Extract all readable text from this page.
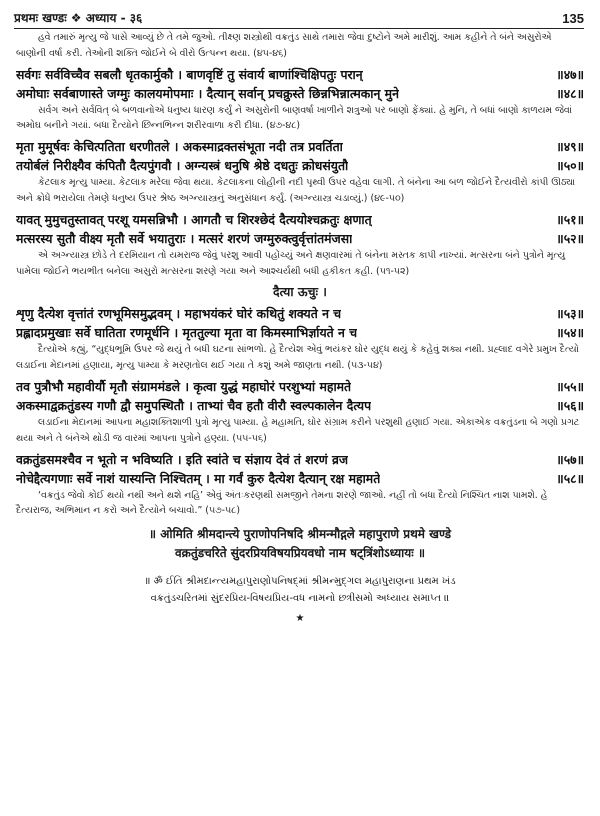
प्रथमः खण्डः ❖ अध्याय - ३६	135

હવે તમારું મૃત્યુ જે પાસે આવ્યું છે તે તમે જુઓ. તીક્ષ્ણ શસ્ત્રોથી વક્રતુંડ સાથે તમારા જેવા દુષ્ટોને અમે મારીશું. આમ કહીને તે બંને અસુરોએ બાણોની વર્ષા કરી. તેઓની શક્તિ જોઈને બે વીરો ઉત્પન્ન થયા. (૪૫-૪૬)

सर्वगः सर्वविच्चैव सबलौ धृतकार्मुकौ । बाणवृष्टिं तु संवार्य बाणांश्चिक्षिपतुः परान्	॥४७॥
अमोघाः सर्वबाणास्ते जग्मुः कालयमोपमाः । दैत्यान् सर्वान् प्रचक्रुस्ते छिन्नभिन्नात्मकान् मुने	॥४८॥

સર્વગ અને સર્વવિત્ બે બળવાનોએ ધનુષ્ય ધારણ કર્યું ને અસુરોની બાણવર્ષા ખાળીને શત્રુઓ પર બાણો ફેંક્યાં. હે મુનિ, તે બધાં બાણો કાળયમ જેવાં અમોઘ બનીને ગયાં. બધા દૈત્યોને છિન્નભિન્ન શરીરવાળા કરી દીધા. (૪૭-૪૮)

मृता मुमूर्षवः केचित्पतिता धरणीतले । अकस्माद्रक्तसंभूता नदी तत्र प्रवर्तिता	॥४९॥
तयोर्बलं निरीक्ष्यैव कंपितौ दैत्यपुंगवौ । अग्न्यस्त्रं धनुषि श्रेष्ठे दधतुः क्रोधसंयुतौ	॥५०॥

કેટલાક મૃત્યુ પામ્યા. કેટલાક મરેલા જેવા થયા. કેટલાકના લોહીની નદી પૃથ્વી ઉપર વહેવા લાગી. તે બંનેના આ બળ જોઈને દૈત્યવીરો કાંપી ઊઠ્યા અને ક્રોધે ભરાયેલા તેમણે ધનુષ્ય ઉપર શ્રેષ્ઠ અગ્ન્યાસ્ત્રનું અનુસંધાન કર્યું. (અગ્ન્યાસ્ત્ર ચડાવ્યું.) (૪૯-૫૦)

यावत् मुमुचतुस्तावत् परशू यमसन्निभौ । आगतौ च शिरश्छेदं दैत्ययोश्चक्रतुः क्षणात्	॥५१॥
मत्सरस्य सुतौ वीक्ष्य मृतौ सर्वे भयातुराः । मत्सरं शरणं जग्मुरुक्त्वुर्वृत्तांतमंजसा	॥५२॥

એ અગ્ન્યાસ્ત્ર છોડે તે દરમિયાન તો યમરાજ જેવું પરશુ આવી પહોંચ્યું અને ક્ષણવારમાં તે બંનેના મસ્તક કાપી નાખ્યાં. મત્સરના બંને પુત્રોને મૃત્યુ પામેલા જોઈને ભયભીત બનેલા અસુરો મત્સરના શરણે ગયા અને આશ્ચર્યથી બધી હકીકત કહી. (૫૧-૫૨)

दैत्या ऊचुः ।
शृणु दैत्येश वृत्तांतं रणभूमिसमुद्भवम् । महाभयंकरं घोरं कथितुं शक्यते न च	॥५३॥
प्रह्लादप्रमुखाः सर्वे घातिता रणमूर्धनि । मृततुल्या मृता वा किमस्माभिर्ज्ञायते न च	॥५४॥

દૈત્યોએ કહ્યું, “યુદ્ધભૂમિ ઉપર જે થયું તે બધી ઘટના સાંભળો. હે દૈત્યેશ એવું ભયંકર ઘોર યુદ્ધ થયું કે કહેવું શક્ય નથી. પ્રહ્લાદ વગેરે પ્રમુખ દૈત્યો લડાઈના મેદાનમાં હણાયા, મૃત્યુ પામ્યા કે મરણતોલ થઈ ગયા તે કશું અમે જાણતા નથી. (૫૩-૫૪)

तव पुत्रौभौ महावीर्यौ मृतौ संग्राममंडले । कृत्वा युद्धं महाघोरं परशुभ्यां महामते	॥५५॥
अकस्माद्वक्रतुंडस्य गणौ द्वौ समुपस्थितौ । ताभ्यां चैव हतौ वीरौ स्वल्पकालेन दैत्यप	॥५६॥

લડાઈના મેદાનમાં આપના મહાશક્તિશાળી પુત્રો મૃત્યુ પામ્યા. હે મહામતિ, ઘોર સંગ્રામ કરીને પરશુથી હણાઈ ગયા. એકાએક વક્રતુંડના બે ગણો પ્રગટ થયા અને તે બંનેએ થોડી જ વારમાં આપના પુત્રોને હણ્યા. (૫૫-૫૬)

वक्रतुंडसमश्चैव न भूतो न भविष्यति । इति स्वांते च संज्ञाय देवं तं शरणं व्रज	॥५७॥
नोचेद्दैत्यगणाः सर्वे नाशं यास्यन्ति निश्चितम् । मा गर्वं कुरु दैत्येश दैत्यान् रक्ष महामते	॥५८॥

‘વક્રતુંડ જેવો કોઈ થયો નથી અને થશે નહિ’ એવું અંતઃકરણથી સમજીને તેમના શરણે જાઓ. નહીં તો બધા દૈત્યો નિશ્ચિત નાશ પામશે. હે દૈત્યરાજ, અભિમાન ન કરો અને દૈત્યોને બચાવો.” (૫૭-૫૮)

॥ ओमिति श्रीमदान्त्ये पुराणोपनिषदि श्रीमन्मौद्गले महापुराणे प्रथमे खण्डे
वक्रतुंडचरिते सुंदरप्रियविषयप्रियवधो नाम षट्त्रिंशोऽध्यायः ॥
॥ ॐ ઈતિ શ્રીમદાન્ત્યમહાપુરાણોપનિષદ્‌માં શ્રીમન્મુદ્‌ગલ મહાપુરાણના પ્રથમ ખંડ
વક્રતુંડચરિતમાં સુંદરપ્રિય-વિષયપ્રિય-વધ નામનો છત્રીસમો અધ્યાય સમાપ્ત ॥
★
